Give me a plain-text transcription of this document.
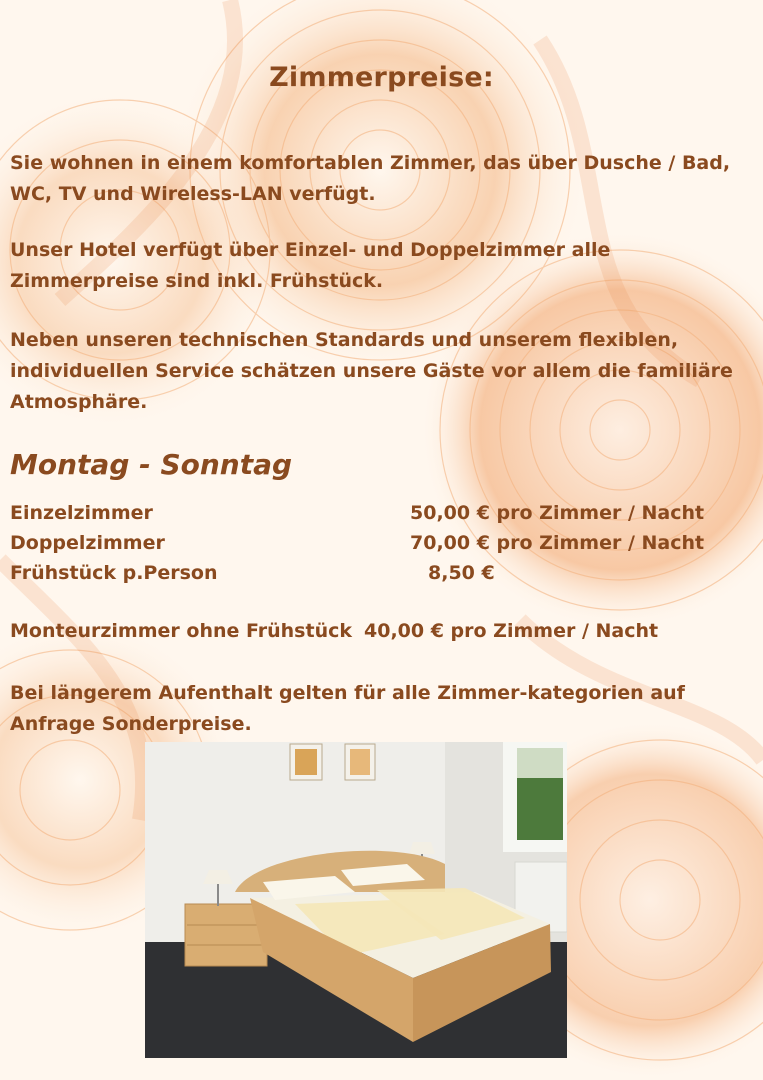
Zimmerpreise:
Sie wohnen in einem komfortablen Zimmer, das über Dusche / Bad, WC, TV und Wireless-LAN verfügt.
Unser Hotel verfügt über Einzel- und Doppelzimmer alle Zimmerpreise sind inkl. Frühstück.
Neben unseren technischen Standards und unserem flexiblen, individuellen Service schätzen unsere Gäste vor allem die familiäre Atmosphäre.
Montag - Sonntag
Einzelzimmer	50,00 € pro Zimmer / Nacht
Doppelzimmer	70,00 € pro Zimmer / Nacht
Frühstück p.Person	8,50 €
Monteurzimmer ohne Frühstück 40,00 € pro Zimmer / Nacht
Bei längerem Aufenthalt gelten für alle Zimmer-kategorien auf Anfrage Sonderpreise.
